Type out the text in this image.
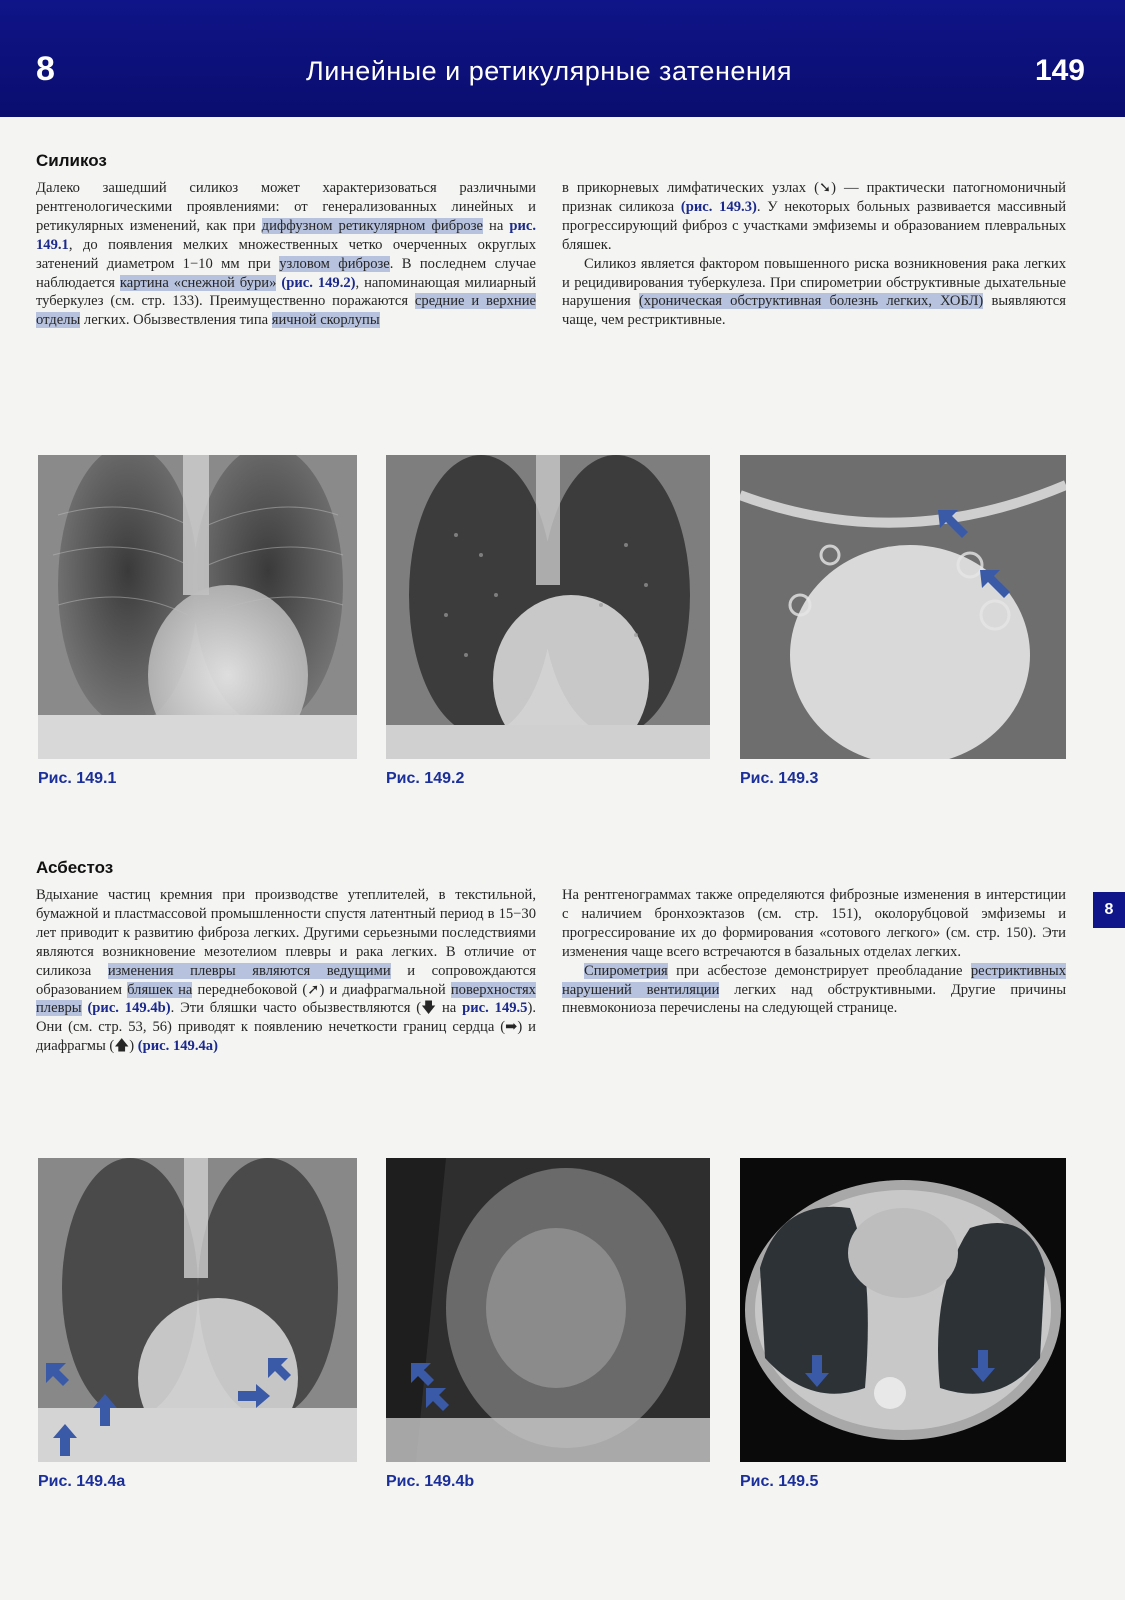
8	Линейные и ретикулярные затенения	149
8
Силикоз

Далеко зашедший силикоз может характеризоваться различными рентгенологическими проявлениями: от генерализованных линейных и ретикулярных изменений, как при диффузном ретикулярном фиброзе на рис. 149.1, до появления мелких множественных четко очерченных округлых затенений диаметром 1−10 мм при узловом фиброзе. В последнем случае наблюдается картина «снежной бури» (рис. 149.2), напоминающая милиарный туберкулез (см. стр. 133). Преимущественно поражаются средние и верхние отделы легких. Обызвествления типа яичной скорлупы

в прикорневых лимфатических узлах (➘) — практически патогномоничный признак силикоза (рис. 149.3). У некоторых больных развивается массивный прогрессирующий фиброз с участками эмфиземы и образованием плевральных бляшек.

Силикоз является фактором повышенного риска возникновения рака легких и рецидивирования туберкулеза. При спирометрии обструктивные дыхательные нарушения (хроническая обструктивная болезнь легких, ХОБЛ) выявляются чаще, чем рестриктивные.

Рис. 149.1	Рис. 149.2	Рис. 149.3
Асбестоз

Вдыхание частиц кремния при производстве утеплителей, в текстильной, бумажной и пластмассовой промышленности спустя латентный период в 15−30 лет приводит к развитию фиброза легких. Другими серьезными последствиями являются возникновение мезотелиом плевры и рака легких. В отличие от силикоза изменения плевры являются ведущими и сопровождаются образованием бляшек на переднебоковой (➚) и диафрагмальной поверхностях плевры (рис. 149.4b). Эти бляшки часто обызвествляются (🡇 на рис. 149.5). Они (см. стр. 53, 56) приводят к появлению нечеткости границ сердца (➡) и диафрагмы (🡅) (рис. 149.4a)

На рентгенограммах также определяются фиброзные изменения в интерстиции с наличием бронхоэктазов (см. стр. 151), околорубцовой эмфиземы и прогрессирование их до формирования «сотового легкого» (см. стр. 150). Эти изменения чаще всего встречаются в базальных отделах легких.

Спирометрия при асбестозе демонстрирует преобладание рестриктивных нарушений вентиляции легких над обструктивными. Другие причины пневмокониоза перечислены на следующей странице.

Рис. 149.4a	Рис. 149.4b	Рис. 149.5
